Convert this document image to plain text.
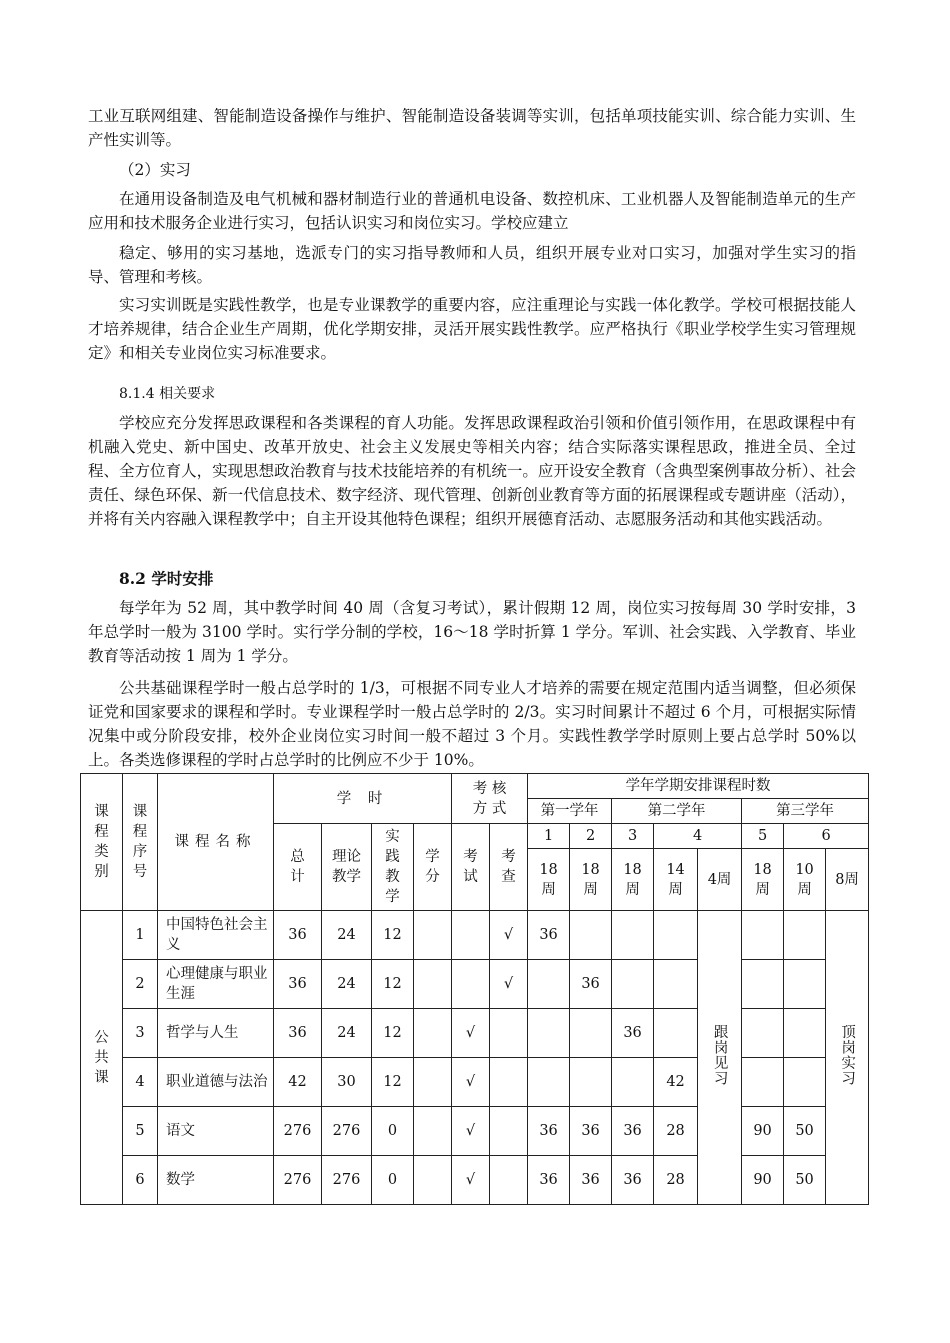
工业互联网组建、智能制造设备操作与维护、智能制造设备装调等实训，包括单项技能实训、综合能力实训、生产性实训等。

（2）实习

在通用设备制造及电气机械和器材制造行业的普通机电设备、数控机床、工业机器人及智能制造单元的生产应用和技术服务企业进行实习，包括认识实习和岗位实习。学校应建立

稳定、够用的实习基地，选派专门的实习指导教师和人员，组织开展专业对口实习，加强对学生实习的指导、管理和考核。

实习实训既是实践性教学，也是专业课教学的重要内容，应注重理论与实践一体化教学。学校可根据技能人才培养规律，结合企业生产周期，优化学期安排，灵活开展实践性教学。应严格执行《职业学校学生实习管理规定》和相关专业岗位实习标准要求。

8.1.4 相关要求

学校应充分发挥思政课程和各类课程的育人功能。发挥思政课程政治引领和价值引领作用，在思政课程中有机融入党史、新中国史、改革开放史、社会主义发展史等相关内容；结合实际落实课程思政，推进全员、全过程、全方位育人，实现思想政治教育与技术技能培养的有机统一。应开设安全教育（含典型案例事故分析）、社会责任、绿色环保、新一代信息技术、数字经济、现代管理、创新创业教育等方面的拓展课程或专题讲座（活动），并将有关内容融入课程教学中；自主开设其他特色课程；组织开展德育活动、志愿服务活动和其他实践活动。

8.2 学时安排

每学年为 52 周，其中教学时间 40 周（含复习考试），累计假期 12 周，岗位实习按每周 30 学时安排，3 年总学时一般为 3100 学时。实行学分制的学校，16～18 学时折算 1 学分。军训、社会实践、入学教育、毕业教育等活动按 1 周为 1 学分。

公共基础课程学时一般占总学时的 1/3，可根据不同专业人才培养的需要在规定范围内适当调整，但必须保证党和国家要求的课程和学时。专业课程学时一般占总学时的 2/3。实习时间累计不超过 6 个月，可根据实际情况集中或分阶段安排，校外企业岗位实习时间一般不超过 3 个月。实践性教学学时原则上要占总学时 50%以上。各类选修课程的学时占总学时的比例应不少于 10%。

课程类别	课程序号	课程名称	学 时				考 核
方 式		学年学期安排课程时数							
									第一学年		第二学年			第三学年		
			总计	理论教学	实践教学	学分	考试	考查	1	2	3	4		5	6	
									18周	18周	18周	14周	4周	18周	10周	8周
公共课	1	中国特色社会主义	36	24	12			√	36				跟岗见习			顶岗实习
	2	心理健康与职业生涯	36	24	12			√		36						
	3	哲学与人生	36	24	12		√				36					
	4	职业道德与法治	42	30	12		√					42				
	5	语文	276	276	0		√		36	36	36	28		90	50	
	6	数学	276	276	0		√		36	36	36	28		90	50	
